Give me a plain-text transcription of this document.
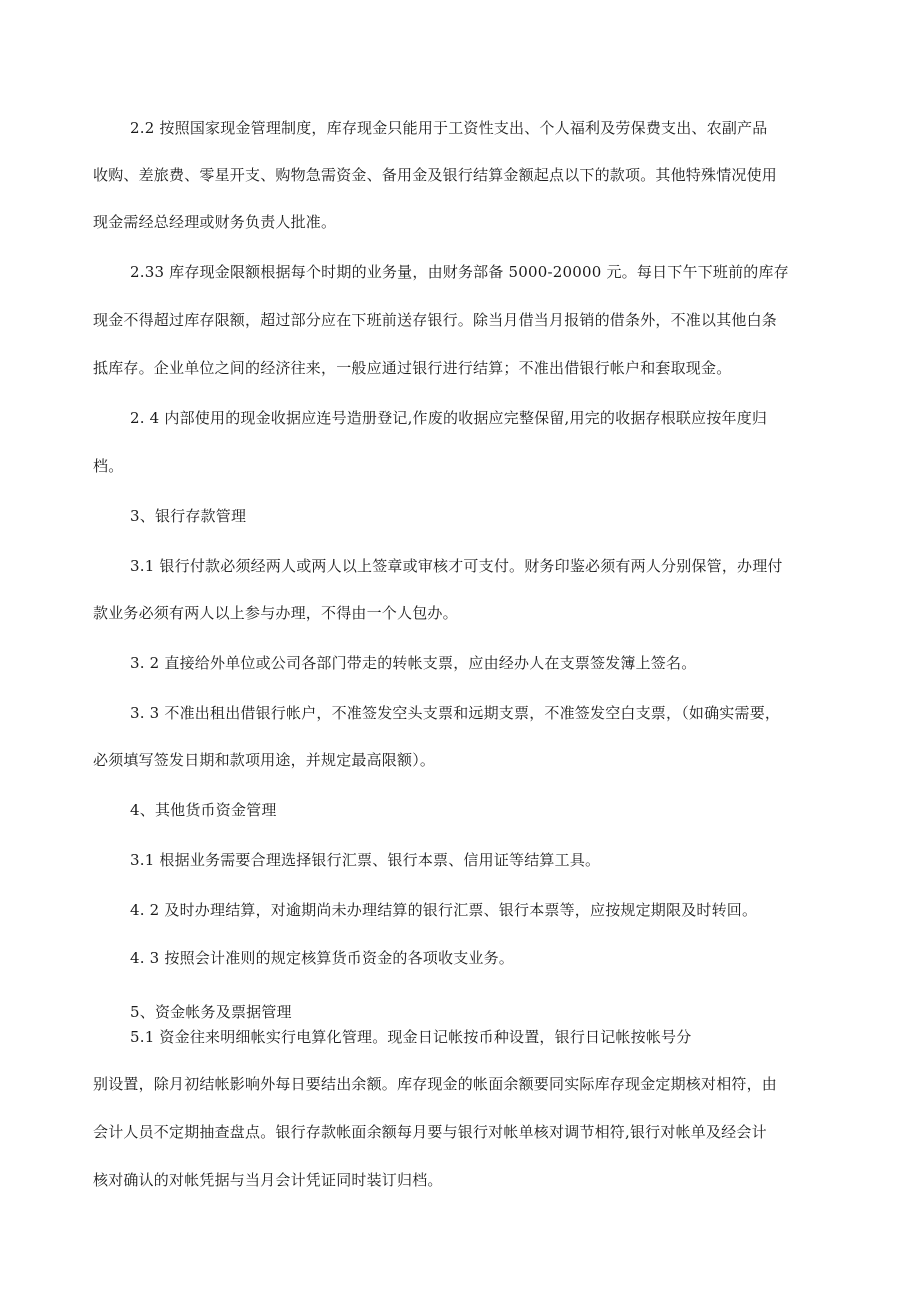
2.2 按照国家现金管理制度，库存现金只能用于工资性支出、个人福利及劳保费支出、农副产品
收购、差旅费、零星开支、购物急需资金、备用金及银行结算金额起点以下的款项。其他特殊情况使用
现金需经总经理或财务负责人批准。
2.33 库存现金限额根据每个时期的业务量，由财务部备 5000-20000 元。每日下午下班前的库存
现金不得超过库存限额，超过部分应在下班前送存银行。除当月借当月报销的借条外，不准以其他白条
抵库存。企业单位之间的经济往来，一般应通过银行进行结算；不准出借银行帐户和套取现金。
2. 4 内部使用的现金收据应连号造册登记,作废的收据应完整保留,用完的收据存根联应按年度归
档。
3、银行存款管理
3.1 银行付款必须经两人或两人以上签章或审核才可支付。财务印鉴必须有两人分别保管，办理付
款业务必须有两人以上参与办理，不得由一个人包办。
3. 2 直接给外单位或公司各部门带走的转帐支票，应由经办人在支票签发簿上签名。
3. 3 不准出租出借银行帐户，不准签发空头支票和远期支票，不准签发空白支票，（如确实需要，
必须填写签发日期和款项用途，并规定最高限额）。
4、其他货币资金管理
3.1 根据业务需要合理选择银行汇票、银行本票、信用证等结算工具。
4. 2 及时办理结算，对逾期尚未办理结算的银行汇票、银行本票等，应按规定期限及时转回。
4. 3 按照会计准则的规定核算货币资金的各项收支业务。
5、资金帐务及票据管理
5.1 资金往来明细帐实行电算化管理。现金日记帐按币种设置，银行日记帐按帐号分
别设置，除月初结帐影响外每日要结出余额。库存现金的帐面余额要同实际库存现金定期核对相符，由
会计人员不定期抽查盘点。银行存款帐面余额每月要与银行对帐单核对调节相符,银行对帐单及经会计
核对确认的对帐凭据与当月会计凭证同时装订归档。
